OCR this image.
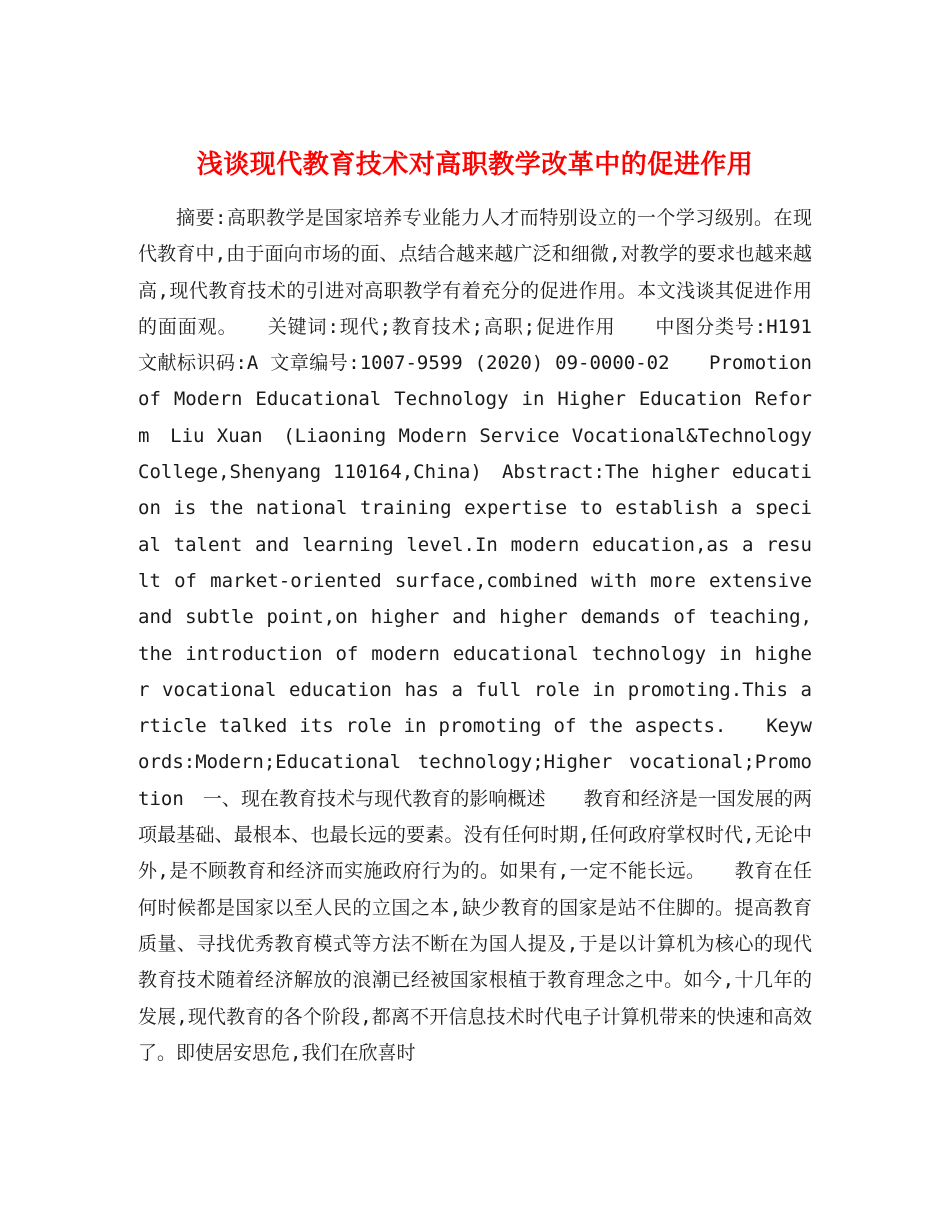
浅谈现代教育技术对高职教学改革中的促进作用

摘要:高职教学是国家培养专业能力人才而特别设立的一个学习级别。在现代教育中,由于面向市场的面、点结合越来越广泛和细微,对教学的要求也越来越高,现代教育技术的引进对高职教学有着充分的促进作用。本文浅谈其促进作用的面面观。　　关键词:现代;教育技术;高职;促进作用　　中图分类号:H191 文献标识码:A 文章编号:1007-9599 (2020) 09-0000-02　　Promotion of Modern Educational Technology in Higher Education Reform　Liu Xuan　(Liaoning Modern Service Vocational&Technology College,Shenyang 110164,China)　Abstract:The higher education is the national training expertise to establish a special talent and learning level.In modern education,as a result of market-oriented surface,combined with more extensive and subtle point,on higher and higher demands of teaching,the introduction of modern educational technology in higher vocational education has a full role in promoting.This article talked its role in promoting of the aspects.　　Keywords:Modern;Educational technology;Higher vocational;Promotion　一、现在教育技术与现代教育的影响概述　　教育和经济是一国发展的两项最基础、最根本、也最长远的要素。没有任何时期,任何政府掌权时代,无论中外,是不顾教育和经济而实施政府行为的。如果有,一定不能长远。　　教育在任何时候都是国家以至人民的立国之本,缺少教育的国家是站不住脚的。提高教育质量、寻找优秀教育模式等方法不断在为国人提及,于是以计算机为核心的现代教育技术随着经济解放的浪潮已经被国家根植于教育理念之中。如今,十几年的发展,现代教育的各个阶段,都离不开信息技术时代电子计算机带来的快速和高效了。即使居安思危,我们在欣喜时
